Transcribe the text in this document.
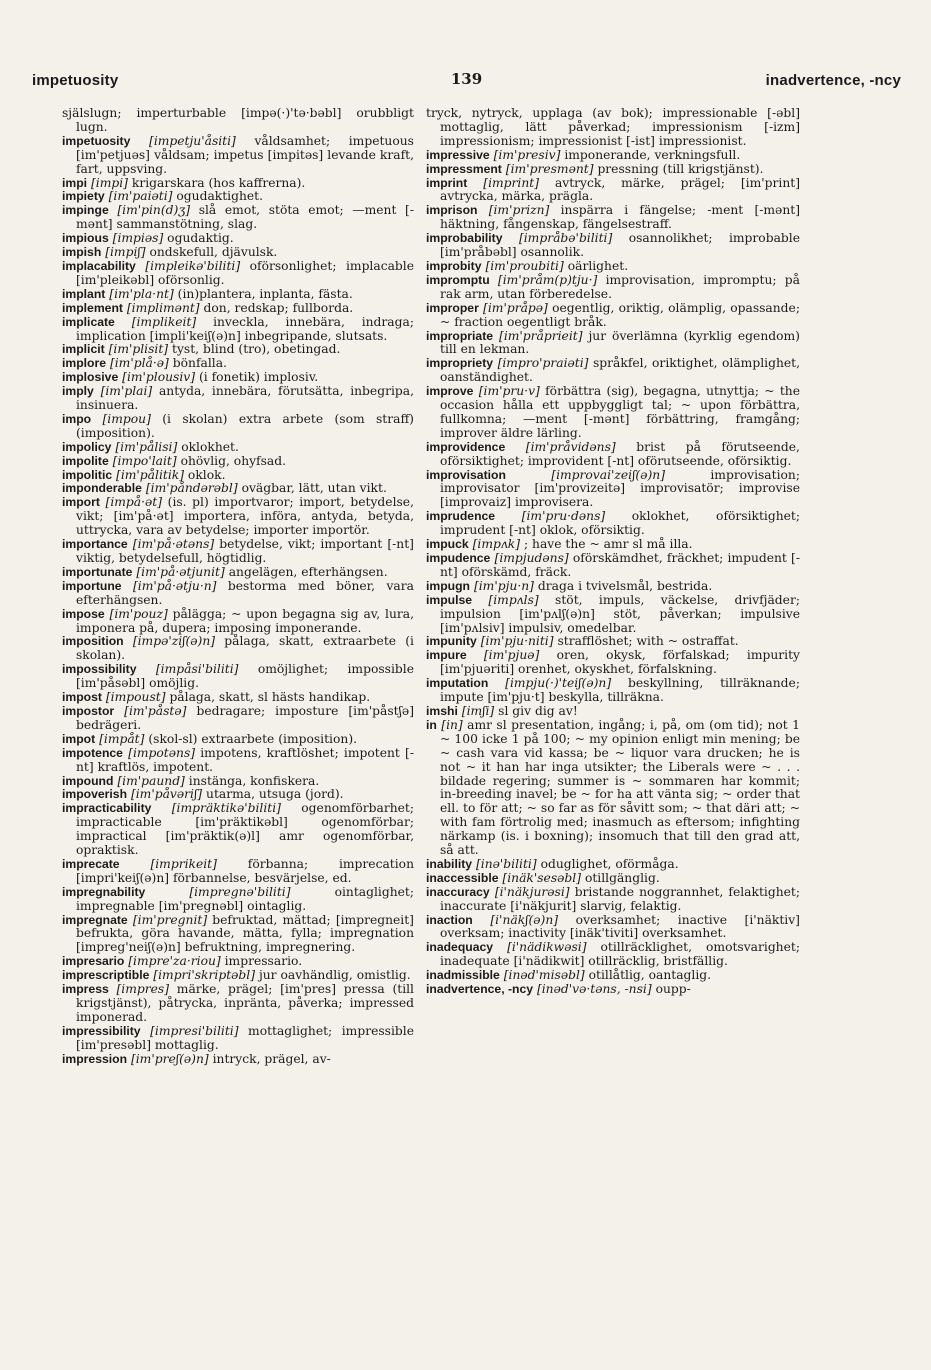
impetuosity	139	inadvertence, -ncy

själslugn; imperturbable [impə(·)'tə·bəbl] orubbligt lugn.

impetuosity [impetju'åsiti] våldsamhet; impetuous [im'petjuəs] våldsam; impetus [impitəs] levande kraft, fart, uppsving.

impi [impi] krigarskara (hos kaffrerna).

impiety [im'paiəti] ogudaktighet.

impinge [im'pin(d)ʒ] slå emot, stöta emot; —ment [-mənt] sammanstötning, slag.

impious [impiəs] ogudaktig.

impish [impiʃ] ondskefull, djävulsk.

implacability [impleikə'biliti] oförsonlighet; implacable [im'pleikəbl] oförsonlig.

implant [im'pla·nt] (in)plantera, inplanta, fästa.

implement [implimənt] don, redskap; fullborda.

implicate [implikeit] inveckla, innebära, indraga; implication [impli'keiʃ(ə)n] inbegripande, slutsats.

implicit [im'plisit] tyst, blind (tro), obetingad.

implore [im'plå·ə] bönfalla.

implosive [im'plousiv] (i fonetik) implosiv.

imply [im'plai] antyda, innebära, förutsätta, inbegripa, insinuera.

impo [impou] (i skolan) extra arbete (som straff) (imposition).

impolicy [im'pålisi] oklokhet.

impolite [impo'lait] ohövlig, ohyfsad.

impolitic [im'pålitik] oklok.

imponderable [im'påndərəbl] ovägbar, lätt, utan vikt.

import [impå·ət] (is. pl) importvaror; import, betydelse, vikt; [im'på·ət] importera, införa, antyda, betyda, uttrycka, vara av betydelse; importer importör.

importance [im'på·ətəns] betydelse, vikt; important [-nt] viktig, betydelsefull, högtidlig.

importunate [im'på·ətjunit] angelägen, efterhängsen.

importune [im'på·ətju·n] bestorma med böner, vara efterhängsen.

impose [im'pouz] pålägga; ~ upon begagna sig av, lura, imponera på, dupera; imposing imponerande.

imposition [impə'ziʃ(ə)n] pålaga, skatt, extraarbete (i skolan).

impossibility [impåsi'biliti] omöjlighet; impossible [im'påsəbl] omöjlig.

impost [impoust] pålaga, skatt, sl hästs handikap.

impostor [im'påstə] bedragare; imposture [im'påstʃə] bedrägeri.

impot [impåt] (skol-sl) extraarbete (imposition).

impotence [impotəns] impotens, kraftlöshet; impotent [-nt] kraftlös, impotent.

impound [im'paund] instänga, konfiskera.

impoverish [im'påvəriʃ] utarma, utsuga (jord).

impracticability [impräktikə'biliti] ogenomförbarhet; impracticable [im'präktikəbl] ogenomförbar; impractical [im'präktik(ə)l] amr ogenomförbar, opraktisk.

imprecate	[imprikeit]	förbanna; imprecation [impri'keiʃ(ə)n] förbannelse, besvärjelse, ed.

impregnability	[impregnə'biliti]	ointaglighet; impregnable [im'pregnəbl] ointaglig.

impregnate [im'pregnit] befruktad, mättad; [impregneit] befrukta, göra havande, mätta, fylla; impregnation [impreg'neiʃ(ə)n] befruktning, impregnering.

impresario [impre'za·riou] impressario.

imprescriptible [impri'skriptəbl] jur oavhändlig, omistlig.

impress [impres] märke, prägel; [im'pres] pressa (till krigstjänst), påtrycka, inpränta, påverka; impressed imponerad.

impressibility [impresi'biliti] mottaglighet; impressible [im'presəbl] mottaglig.

impression [im'preʃ(ə)n] intryck, prägel, av-

tryck, nytryck, upplaga (av bok); impressionable [-əbl] mottaglig, lätt påverkad; impressionism [-izm] impressionism; impressionist [-ist] impressionist.

impressive [im'presiv] imponerande, verkningsfull.

impressment [im'presmənt] pressning (till krigstjänst).

imprint [imprint] avtryck, märke, prägel; [im'print] avtrycka, märka, prägla.

imprison [im'prizn] inspärra i fängelse; -ment [-mənt] häktning, fångenskap, fängelsestraff.

improbability [impråbə'biliti] osannolikhet; improbable [im'pråbəbl] osannolik.

improbity [im'proubiti] oärlighet.

impromptu [im'pråm(p)tju·] improvisation, impromptu; på rak arm, utan förberedelse.

improper [im'pråpə] oegentlig, oriktig, olämplig, opassande; ~ fraction oegentligt bråk.

impropriate [im'pråprieit] jur överlämna (kyrklig egendom) till en lekman.

impropriety [impro'praiəti] språkfel, oriktighet, olämplighet, oanständighet.

improve [im'pru·v] förbättra (sig), begagna, utnyttja; ~ the occasion hålla ett uppbyggligt tal; ~ upon förbättra, fullkomna; —ment [-mənt] förbättring, framgång; improver äldre lärling.

improvidence [im'pråvidəns] brist på förutseende, oförsiktighet; improvident [-nt] oförutseende, oförsiktig.

improvisation	[improvai'zeiʃ(ə)n]	improvisation; improvisator [im'provizeitə] improvisatör; improvise [improvaiz] improvisera.

imprudence [im'pru·dəns] oklokhet, oförsiktighet; imprudent [-nt] oklok, oförsiktig.

impuck [impʌk] ; have the ~ amr sl må illa.

impudence [impjudəns] oförskämdhet, fräckhet; impudent [-nt] oförskämd, fräck.

impugn [im'pju·n] draga i tvivelsmål, bestrida.

impulse [impʌls] stöt, impuls, väckelse, drivfjäder; impulsion [im'pʌlʃ(ə)n] stöt, påverkan; impulsive [im'pʌlsiv] impulsiv, omedelbar.

impunity [im'pju·niti] strafflöshet; with ~ ostraffat.

impure [im'pjuə] oren, okysk, förfalskad; impurity [im'pjuəriti] orenhet, okyskhet, förfalskning.

imputation [impju(·)'teiʃ(ə)n] beskyllning, tillräknande; impute [im'pju·t] beskylla, tillräkna.

imshi [imʃi] sl giv dig av!

in [in] amr sl presentation, ingång; i, på, om (om tid); not 1 ~ 100 icke 1 på 100; ~ my opinion enligt min mening; be ~ cash vara vid kassa; be ~ liquor vara drucken; he is not ~ it han har inga utsikter; the Liberals were ~ . . . bildade regering; summer is ~ sommaren har kommit; in-breeding inavel; be ~ for ha att vänta sig; ~ order that ell. to för att; ~ so far as för såvitt som; ~ that däri att; ~ with fam förtrolig med; inasmuch as eftersom; infighting närkamp (is. i boxning); insomuch that till den grad att, så att.

inability [inə'biliti] oduglighet, oförmåga.

inaccessible [inäk'sesəbl] otillgänglig.

inaccuracy [i'näkjurəsi] bristande noggrannhet, felaktighet; inaccurate [i'näkjurit] slarvig, felaktig.

inaction [i'näkʃ(ə)n] overksamhet; inactive [i'näktiv] overksam; inactivity [inäk'tiviti] overksamhet.

inadequacy [i'nädikwəsi] otillräcklighet, omotsvarighet; inadequate [i'nädikwit] otillräcklig, bristfällig.

inadmissible [inəd'misəbl] otillåtlig, oantaglig.

inadvertence, -ncy [inəd'və·təns, -nsi] oupp-
